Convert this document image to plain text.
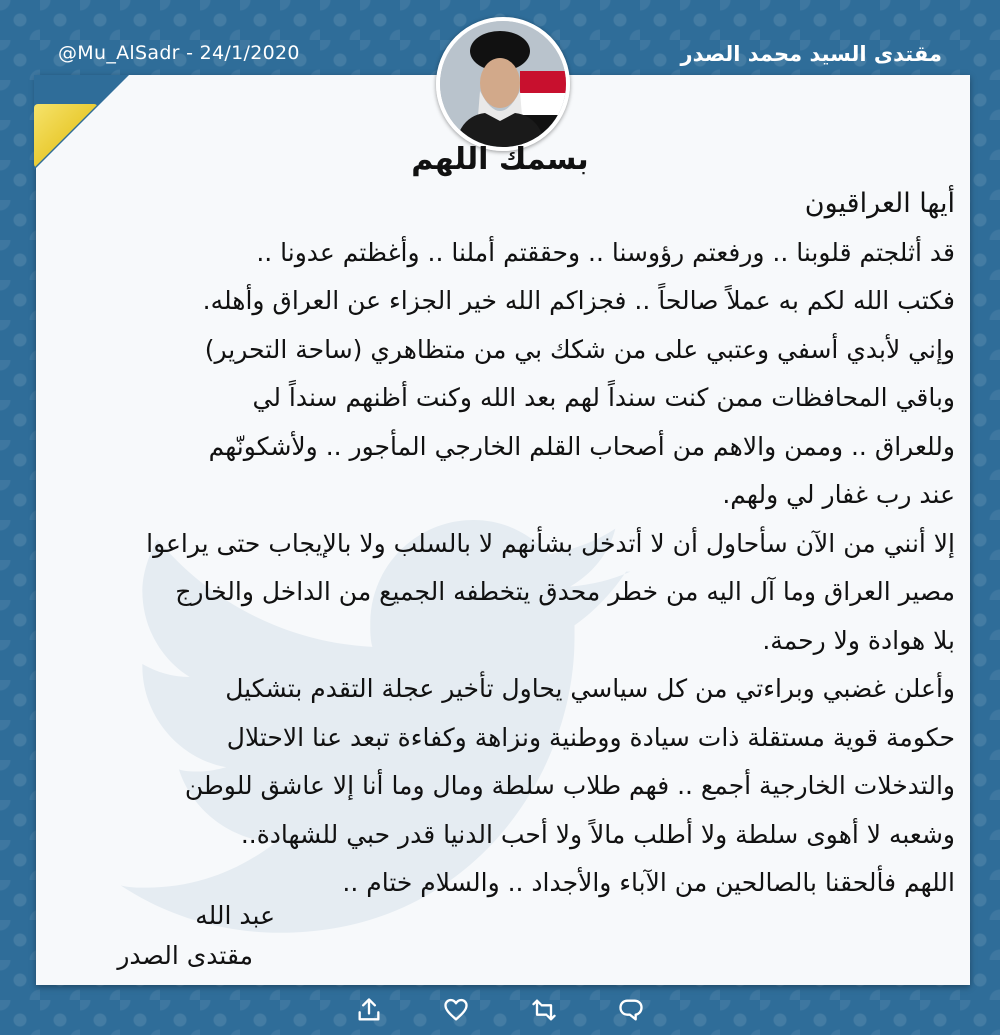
@Mu_AlSadr - 24/1/2020	مقتدى السيد محمد الصدر
بسمك اللهم
أيها العراقيون
قد أثلجتم قلوبنا .. ورفعتم رؤوسنا .. وحققتم أملنا .. وأغظتم عدونا ..
فكتب الله لكم به عملاً صالحاً .. فجزاكم الله خير الجزاء عن العراق وأهله.
وإني لأبدي أسفي وعتبي على من شكك بي من متظاهري (ساحة التحرير)
وباقي المحافظات ممن كنت سنداً لهم بعد الله وكنت أظنهم سنداً لي
وللعراق .. وممن والاهم من أصحاب القلم الخارجي المأجور .. ولأشكونّهم
عند رب غفار لي ولهم.
إلا أنني من الآن سأحاول أن لا أتدخل بشأنهم لا بالسلب ولا بالإيجاب حتى يراعوا
مصير العراق وما آل اليه من خطر محدق يتخطفه الجميع من الداخل والخارج
بلا هوادة ولا رحمة.
وأعلن غضبي وبراءتي من كل سياسي يحاول تأخير عجلة التقدم بتشكيل
حكومة قوية مستقلة ذات سيادة ووطنية ونزاهة وكفاءة تبعد عنا الاحتلال
والتدخلات الخارجية أجمع .. فهم طلاب سلطة ومال وما أنا إلا عاشق للوطن
وشعبه لا أهوى سلطة ولا أطلب مالاً ولا أحب الدنيا قدر حبي للشهادة..
اللهم فألحقنا بالصالحين من الآباء والأجداد .. والسلام ختام ..
عبد الله
مقتدى الصدر
